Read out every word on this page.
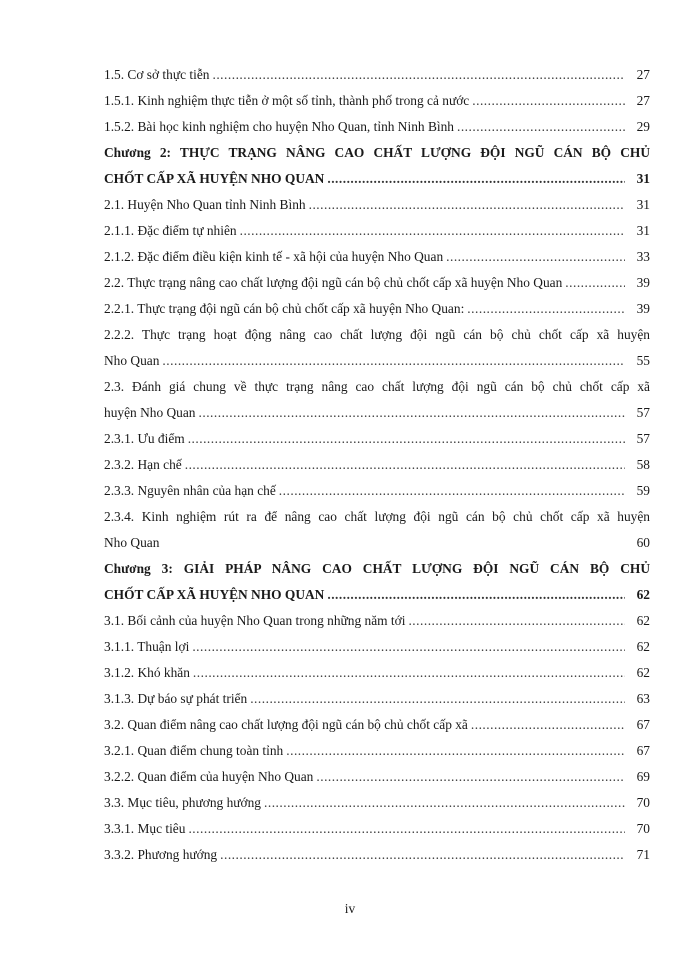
1.5. Cơ sở thực tiễn .....	27
1.5.1. Kinh nghiệm thực tiễn ở một số tỉnh, thành phố trong cả nước .....	27
1.5.2. Bài học kinh nghiệm cho huyện Nho Quan, tỉnh Ninh Bình .....	29
Chương 2: THỰC TRẠNG NÂNG CAO CHẤT LƯỢNG ĐỘI NGŨ CÁN BỘ CHỦ
CHỐT CẤP XÃ HUYỆN NHO QUAN .....	31
2.1. Huyện Nho Quan tỉnh Ninh Bình .....	31
2.1.1. Đặc điểm tự nhiên .....	31
2.1.2. Đặc điểm điều kiện kinh tế - xã hội của huyện Nho Quan .....	33
2.2. Thực trạng nâng cao chất lượng đội ngũ cán bộ chủ chốt cấp xã huyện Nho Quan .....	39
2.2.1. Thực trạng đội ngũ cán bộ chủ chốt cấp xã huyện Nho Quan: .....	39
2.2.2. Thực trạng hoạt động nâng cao chất lượng đội ngũ cán bộ chủ chốt cấp xã huyện
Nho Quan .....	55
2.3. Đánh giá chung về thực trạng nâng cao chất lượng đội ngũ cán bộ chủ chốt cấp xã
huyện Nho Quan .....	57
2.3.1. Ưu điểm .....	57
2.3.2. Hạn chế .....	58
2.3.3. Nguyên nhân của hạn chế .....	59
2.3.4. Kinh nghiệm rút ra để nâng cao chất lượng đội ngũ cán bộ chủ chốt cấp xã huyện
Nho Quan	60
Chương 3: GIẢI PHÁP NÂNG CAO CHẤT LƯỢNG ĐỘI NGŨ CÁN BỘ CHỦ
CHỐT CẤP XÃ HUYỆN NHO QUAN .....	62
3.1. Bối cảnh của huyện Nho Quan trong những năm tới .....	62
3.1.1. Thuận lợi .....	62
3.1.2. Khó khăn .....	62
3.1.3. Dự báo sự phát triển .....	63
3.2. Quan điểm nâng cao chất lượng đội ngũ cán bộ chủ chốt cấp xã .....	67
3.2.1. Quan điểm chung toàn tỉnh .....	67
3.2.2. Quan điểm của huyện Nho Quan .....	69
3.3. Mục tiêu, phương hướng .....	70
3.3.1. Mục tiêu .....	70
3.3.2. Phương hướng .....	71
iv
